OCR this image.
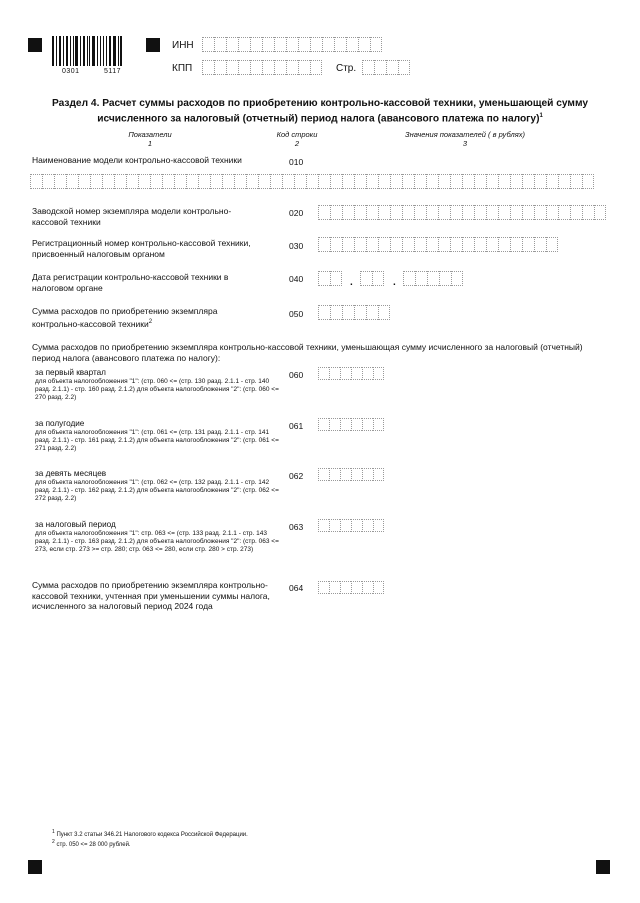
0301	5117
ИНН
КПП	Стр.
Раздел 4. Расчет суммы расходов по приобретению контрольно-кассовой техники, уменьшающей сумму
исчисленного за налоговый (отчетный) период налога (авансового платежа по налогу)$^1$
Показатели
1
Код строки
2
Значения показателей ( в рублях)
3
Наименование модели контрольно-кассовой техники	010
Заводской номер экземпляра модели контрольно-кассовой техники
020
Регистрационный номер контрольно-кассовой техники, присвоенный налоговым органом
030
Дата регистрации контрольно-кассовой техники в налоговом органе
040	.	.
Сумма расходов по приобретению экземпляра контрольно-кассовой техники$^2$
050
Сумма расходов по приобретению экземпляра контрольно-кассовой техники, уменьшающая сумму исчисленного за налоговый (отчетный) период налога (авансового платежа по налогу):
за первый квартал
для объекта налогообложения "1": (стр. 060 <= (стр. 130 разд. 2.1.1 - стр. 140 разд. 2.1.1) - стр. 160 разд. 2.1.2) для объекта налогообложения "2": (стр. 060 <= 270 разд. 2.2)
060
за полугодие
для объекта налогообложения "1": (стр. 061 <= (стр. 131 разд. 2.1.1 - стр. 141 разд. 2.1.1) - стр. 161 разд. 2.1.2) для объекта налогообложения "2": (стр. 061 <= 271 разд. 2.2)
061
за девять месяцев
для объекта налогообложения "1": (стр. 062 <= (стр. 132 разд. 2.1.1 - стр. 142 разд. 2.1.1) - стр. 162 разд. 2.1.2) для объекта налогообложения "2": (стр. 062 <= 272 разд. 2.2)
062
за налоговый период
для объекта налогообложения "1": стр. 063 <= (стр. 133 разд. 2.1.1 - стр. 143 разд. 2.1.1) - стр. 163 разд. 2.1.2) для объекта налогообложения "2": (стр. 063 <= 273, если стр. 273 >= стр. 280; стр. 063 <= 280, если стр. 280 > стр. 273)
063
Сумма расходов по приобретению экземпляра контрольно-кассовой техники, учтенная при уменьшении суммы налога, исчисленного за налоговый период 2024 года
064
$^1$ Пункт 3.2 статьи 346.21 Налогового кодекса Российской Федерации.
$^2$ стр. 050 <= 28 000 рублей.
